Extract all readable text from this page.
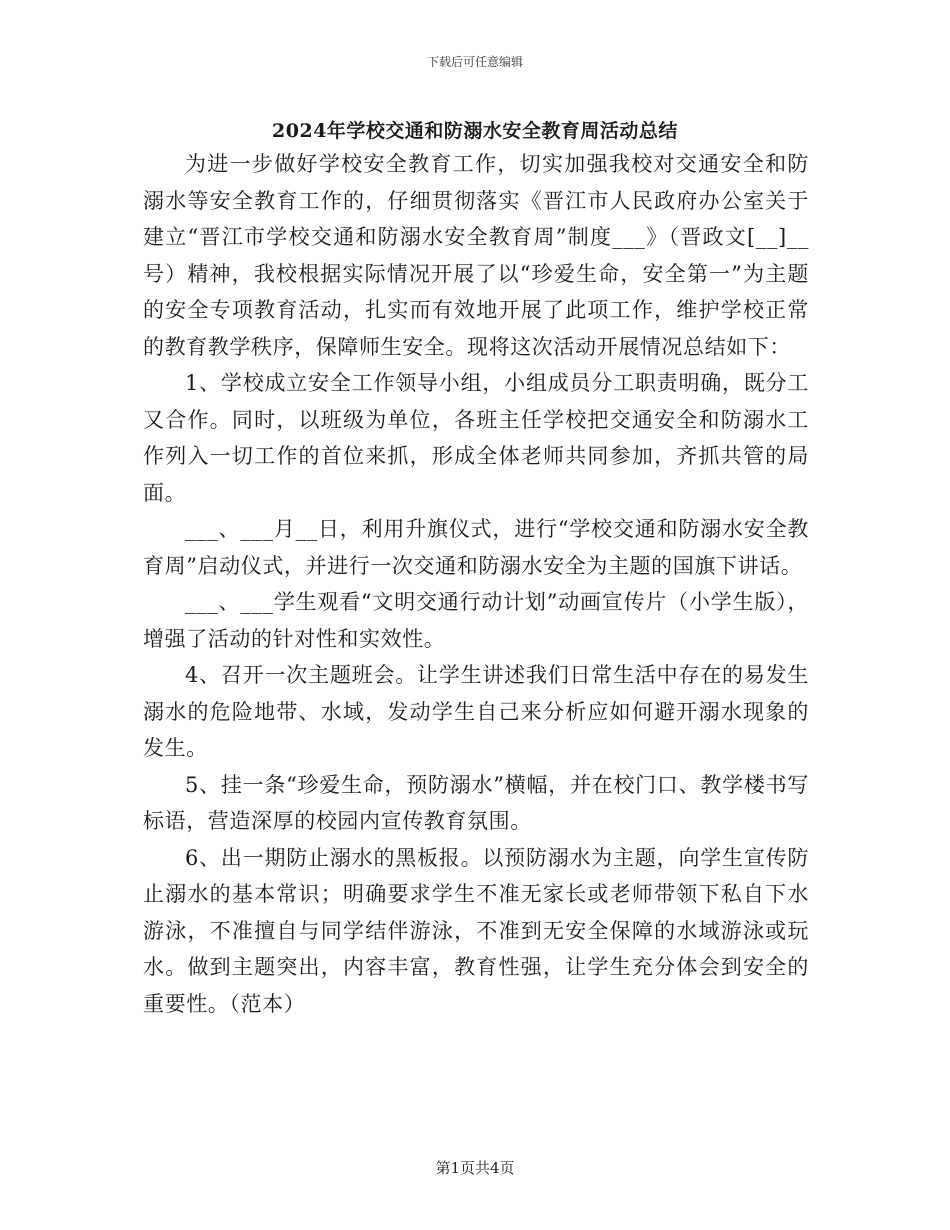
下载后可任意编辑
2024年学校交通和防溺水安全教育周活动总结

为进一步做好学校安全教育工作，切实加强我校对交通安全和防溺水等安全教育工作的，仔细贯彻落实《晋江市人民政府办公室关于建立“晋江市学校交通和防溺水安全教育周”制度___》（晋政文[__]__号）精神，我校根据实际情况开展了以“珍爱生命，安全第一”为主题的安全专项教育活动，扎实而有效地开展了此项工作，维护学校正常的教育教学秩序，保障师生安全。现将这次活动开展情况总结如下：

1、学校成立安全工作领导小组，小组成员分工职责明确，既分工又合作。同时，以班级为单位，各班主任学校把交通安全和防溺水工作列入一切工作的首位来抓，形成全体老师共同参加，齐抓共管的局面。

___、___月__日，利用升旗仪式，进行“学校交通和防溺水安全教育周”启动仪式，并进行一次交通和防溺水安全为主题的国旗下讲话。

___、___学生观看“文明交通行动计划”动画宣传片（小学生版），增强了活动的针对性和实效性。

4、召开一次主题班会。让学生讲述我们日常生活中存在的易发生溺水的危险地带、水域，发动学生自己来分析应如何避开溺水现象的发生。

5、挂一条“珍爱生命，预防溺水”横幅，并在校门口、教学楼书写标语，营造深厚的校园内宣传教育氛围。

6、出一期防止溺水的黑板报。以预防溺水为主题，向学生宣传防止溺水的基本常识；明确要求学生不准无家长或老师带领下私自下水游泳，不准擅自与同学结伴游泳，不准到无安全保障的水域游泳或玩水。做到主题突出，内容丰富，教育性强，让学生充分体会到安全的重要性。（范本）

第1页共4页
